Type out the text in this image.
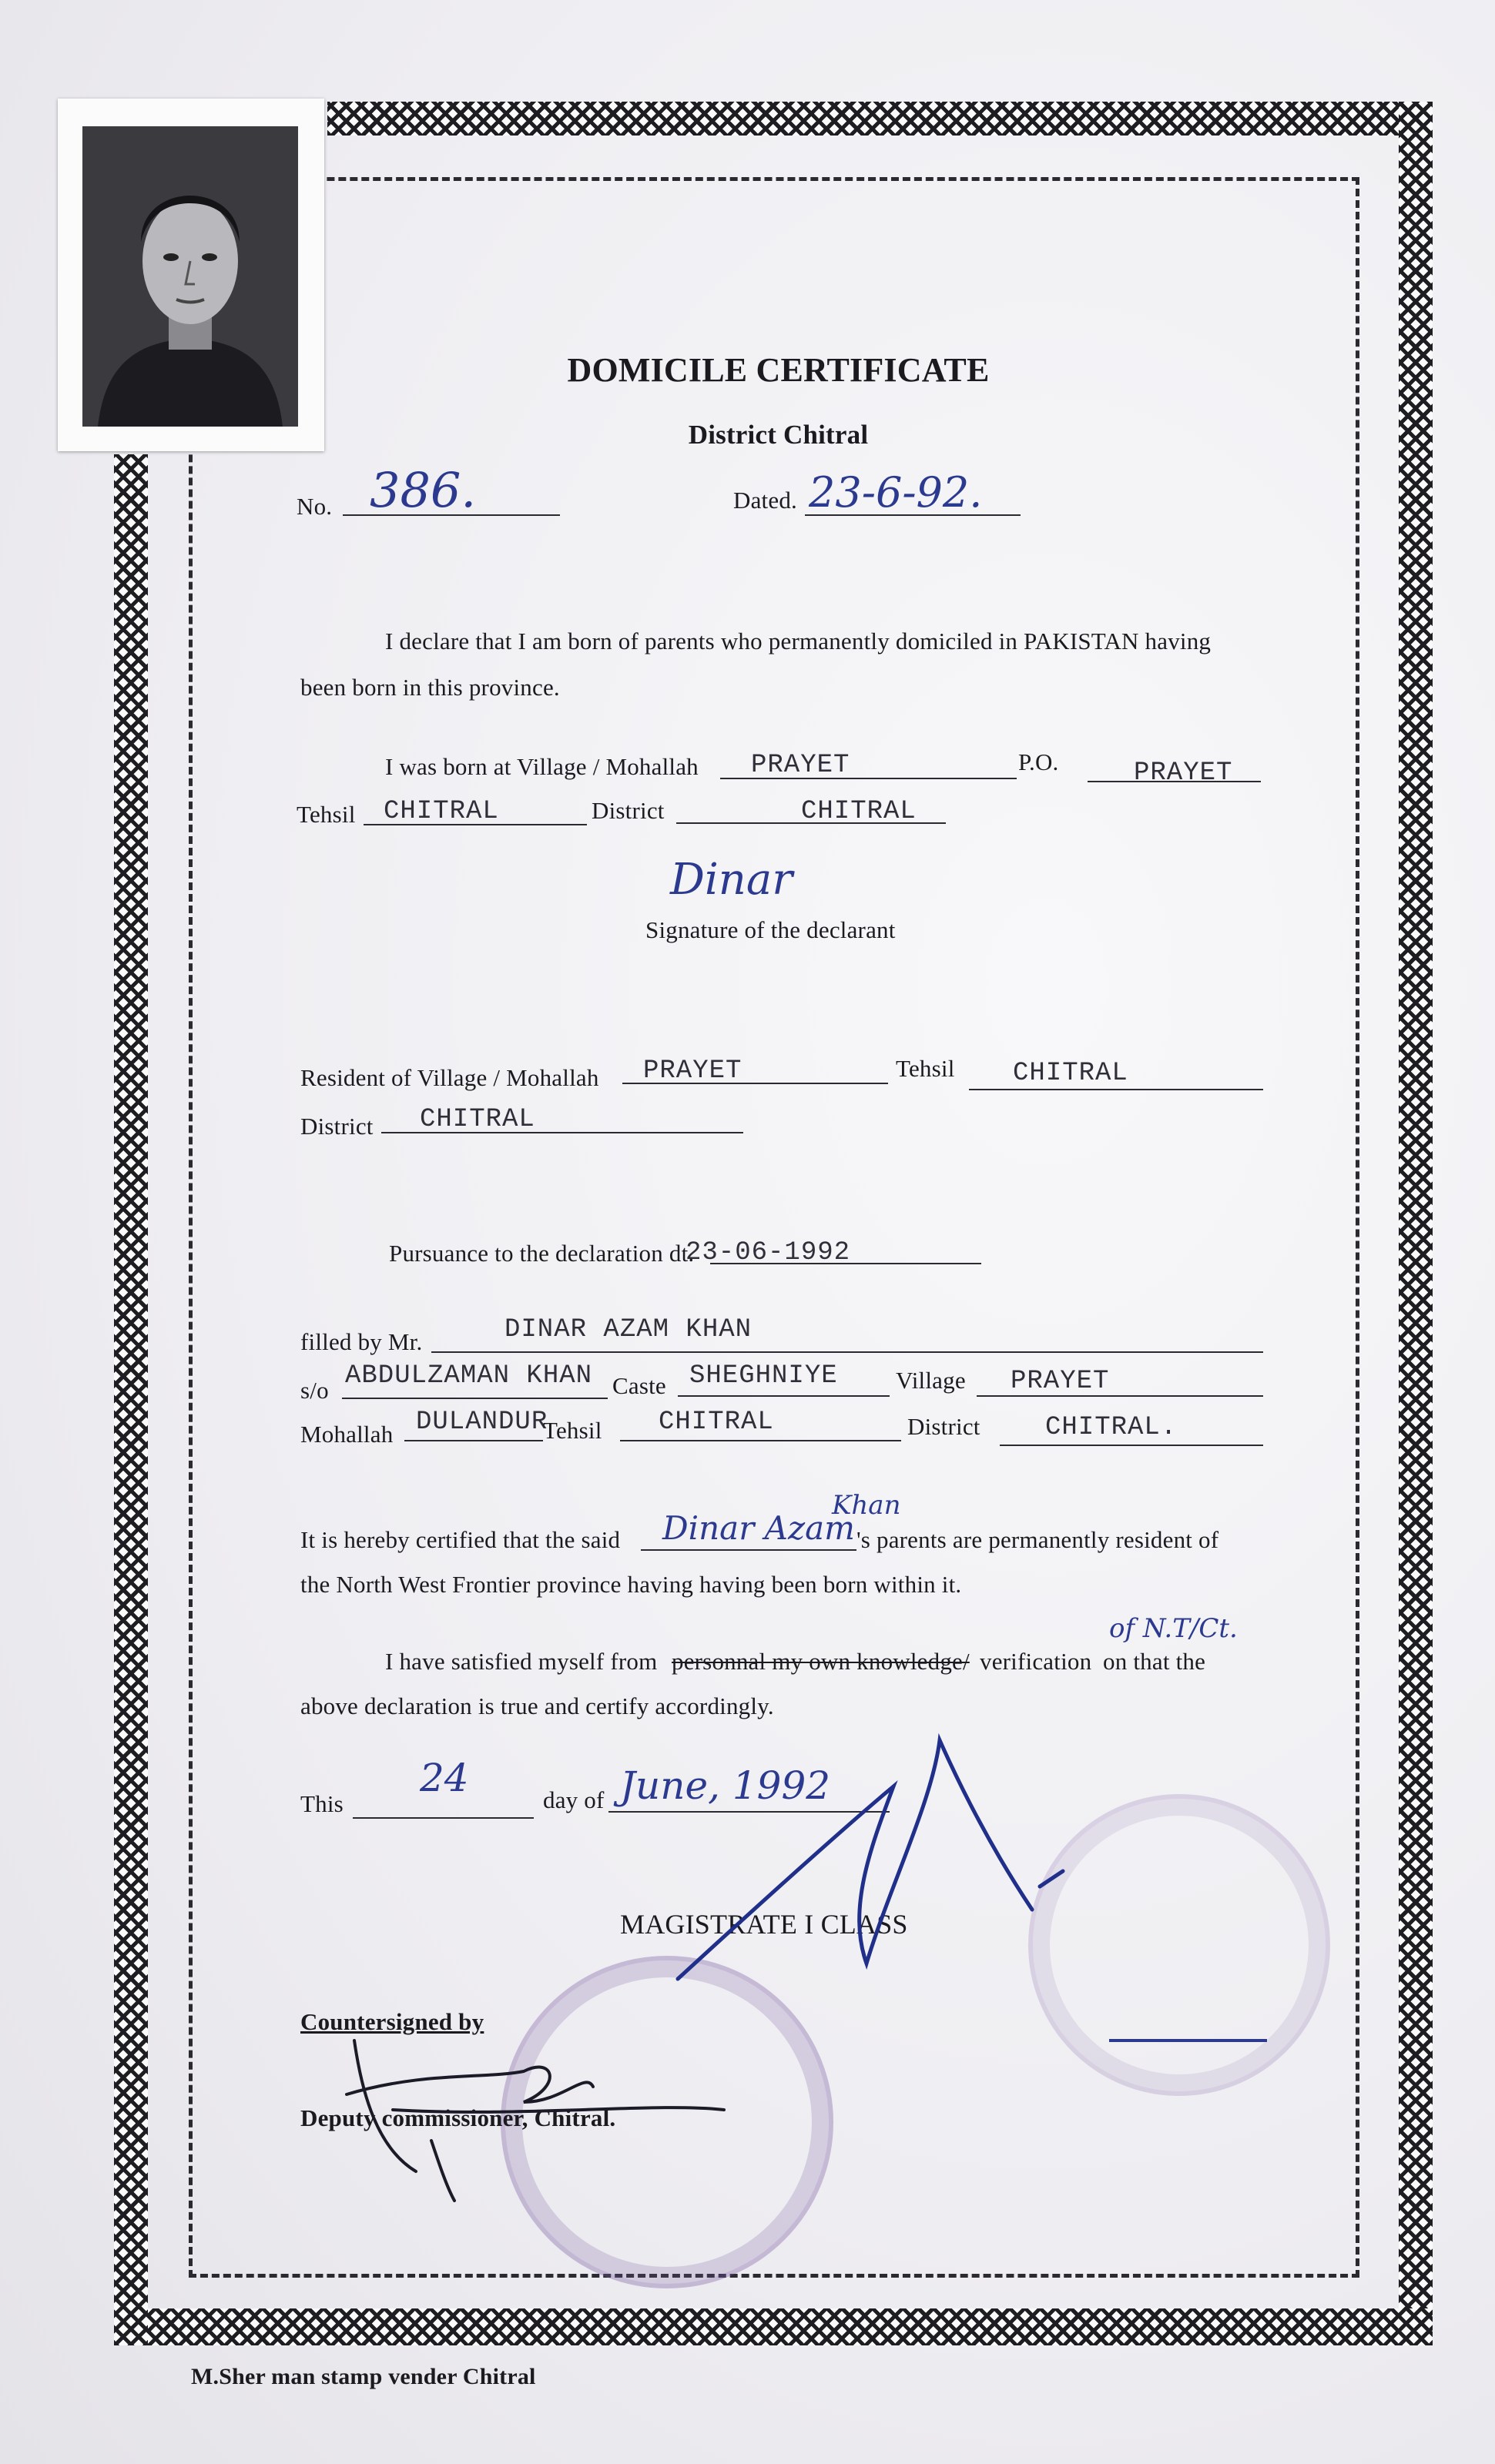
DOMICILE CERTIFICATE
District Chitral
No. 386.	Dated. 23-6-92.
I declare that I am born of parents who permanently domiciled in PAKISTAN having
been born in this province.
I was born at Village / Mohallah PRAYET	P.O.	PRAYET
Tehsil CHITRAL	District	CHITRAL
Dinar
Signature of the declarant
Resident of Village / Mohallah PRAYET	Tehsil CHITRAL
District CHITRAL
Pursuance to the declaration dt.
23-06-1992
filled by Mr.	DINAR AZAM KHAN
s/o ABDULZAMAN KHAN Caste SHEGHNIYE Village PRAYET
Mohallah DULANDUR
Tehsil CHITRAL	District CHITRAL.
It is hereby certified that the said Dinar Azam
Khan
's parents are permanently resident of
the North West Frontier province having having been born within it.
I have satisfied myself from personnal my own knowledge/ verification on that the
of N.T/Ct.
above declaration is true and certify accordingly.
This
24	day of June, 1992
MAGISTRATE I CLASS
Countersigned by
Deputy commissioner, Chitral.
M.Sher man stamp vender Chitral
